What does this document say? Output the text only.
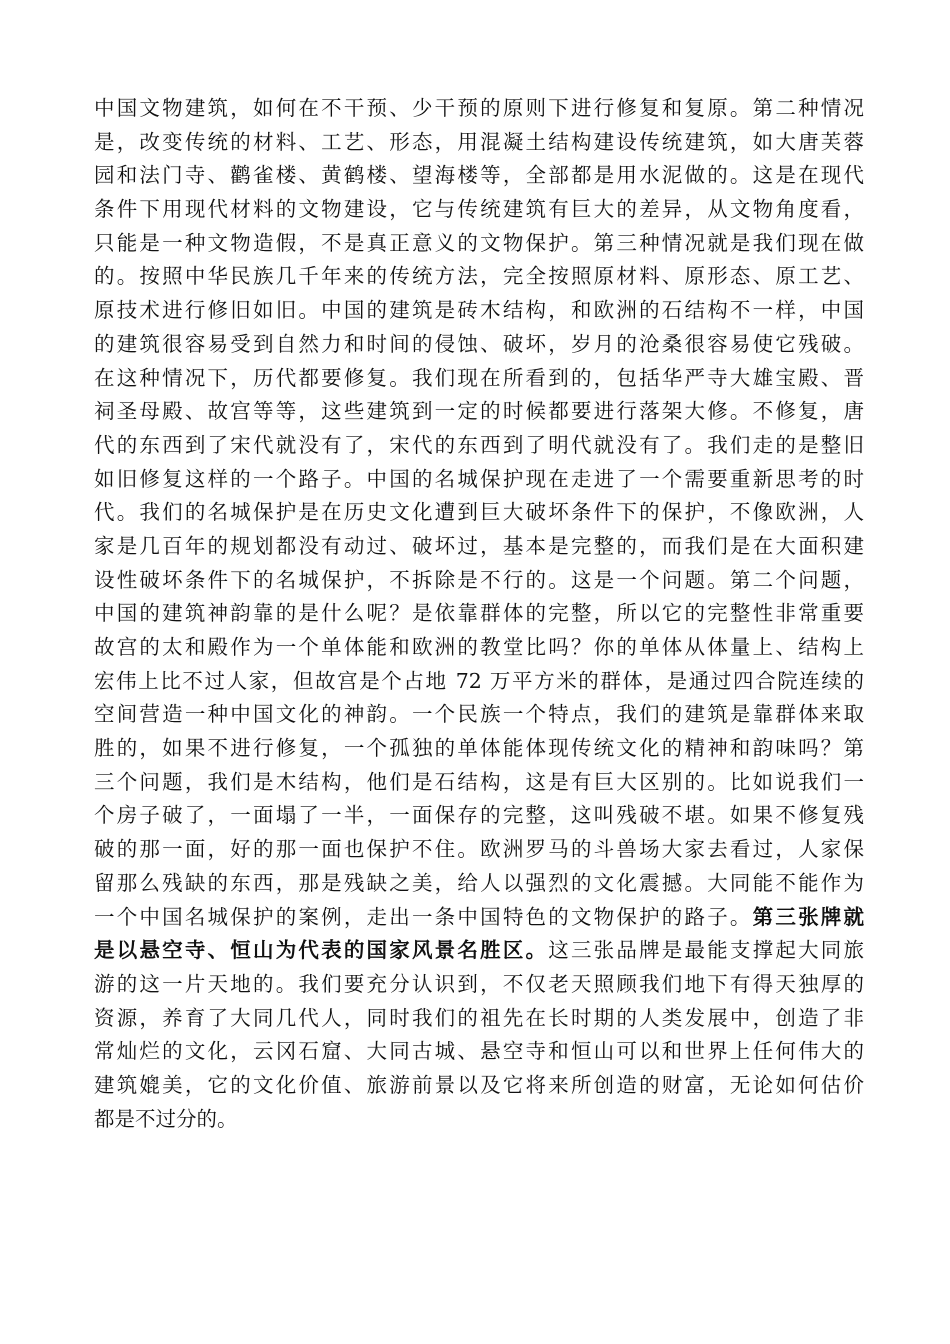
中国文物建筑，如何在不干预、少干预的原则下进行修复和复原。第二种情况
是，改变传统的材料、工艺、形态，用混凝土结构建设传统建筑，如大唐芙蓉
园和法门寺、鹳雀楼、黄鹤楼、望海楼等，全部都是用水泥做的。这是在现代
条件下用现代材料的文物建设，它与传统建筑有巨大的差异，从文物角度看，
只能是一种文物造假，不是真正意义的文物保护。第三种情况就是我们现在做
的。按照中华民族几千年来的传统方法，完全按照原材料、原形态、原工艺、
原技术进行修旧如旧。中国的建筑是砖木结构，和欧洲的石结构不一样，中国
的建筑很容易受到自然力和时间的侵蚀、破坏，岁月的沧桑很容易使它残破。
在这种情况下，历代都要修复。我们现在所看到的，包括华严寺大雄宝殿、晋
祠圣母殿、故宫等等，这些建筑到一定的时候都要进行落架大修。不修复，唐
代的东西到了宋代就没有了，宋代的东西到了明代就没有了。我们走的是整旧
如旧修复这样的一个路子。中国的名城保护现在走进了一个需要重新思考的时
代。我们的名城保护是在历史文化遭到巨大破坏条件下的保护，不像欧洲，人
家是几百年的规划都没有动过、破坏过，基本是完整的，而我们是在大面积建
设性破坏条件下的名城保护，不拆除是不行的。这是一个问题。第二个问题，
中国的建筑神韵靠的是什么呢？是依靠群体的完整，所以它的完整性非常重要
故宫的太和殿作为一个单体能和欧洲的教堂比吗？你的单体从体量上、结构上
宏伟上比不过人家，但故宫是个占地 72 万平方米的群体，是通过四合院连续的
空间营造一种中国文化的神韵。一个民族一个特点，我们的建筑是靠群体来取
胜的，如果不进行修复，一个孤独的单体能体现传统文化的精神和韵味吗？第
三个问题，我们是木结构，他们是石结构，这是有巨大区别的。比如说我们一
个房子破了，一面塌了一半，一面保存的完整，这叫残破不堪。如果不修复残
破的那一面，好的那一面也保护不住。欧洲罗马的斗兽场大家去看过，人家保
留那么残缺的东西，那是残缺之美，给人以强烈的文化震撼。大同能不能作为
一个中国名城保护的案例，走出一条中国特色的文物保护的路子。第三张牌就
是以悬空寺、恒山为代表的国家风景名胜区。这三张品牌是最能支撑起大同旅
游的这一片天地的。我们要充分认识到，不仅老天照顾我们地下有得天独厚的
资源，养育了大同几代人，同时我们的祖先在长时期的人类发展中，创造了非
常灿烂的文化，云冈石窟、大同古城、悬空寺和恒山可以和世界上任何伟大的
建筑媲美，它的文化价值、旅游前景以及它将来所创造的财富，无论如何估价
都是不过分的。
